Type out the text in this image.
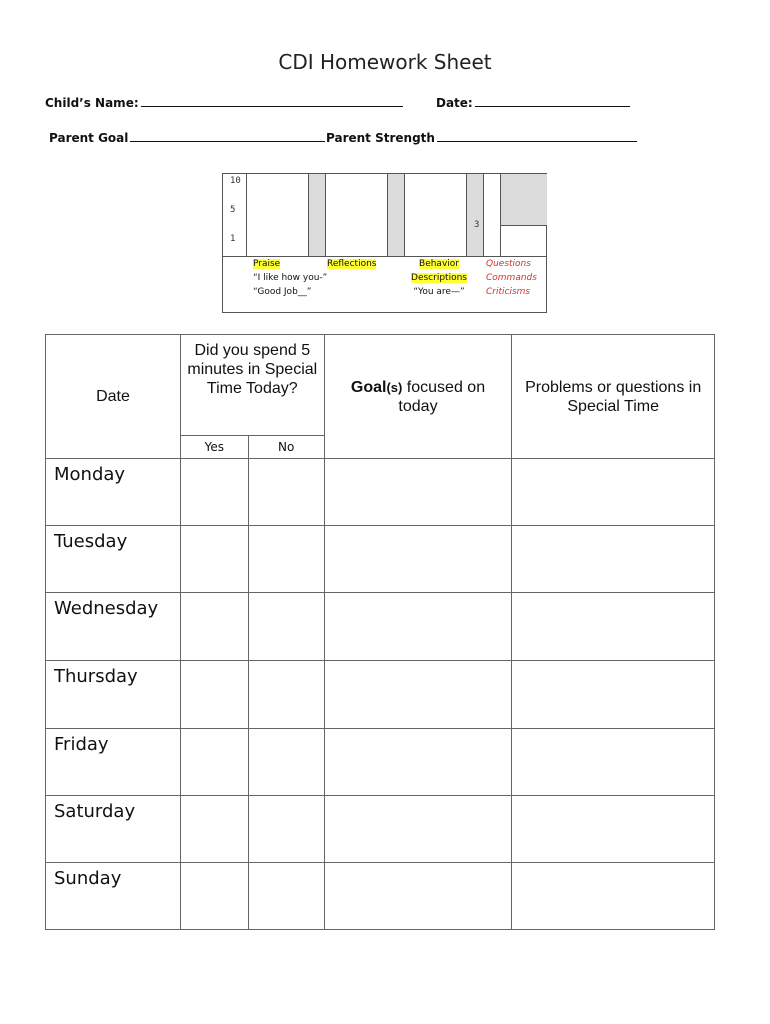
CDI Homework Sheet
Child’s Name:	Date:
Parent Goal	Parent Strength
10
5
1
3
Praise
“I like how you-”
“Good Job__”
Reflections	Behavior
Descriptions
“You are—”
Questions
Commands
Criticisms
Date	Did you spend 5 minutes in Special Time Today?		Goal(s) focused on today	Problems or questions in Special Time
	Yes	No		
Monday				
Tuesday				
Wednesday				
Thursday				
Friday				
Saturday				
Sunday				
